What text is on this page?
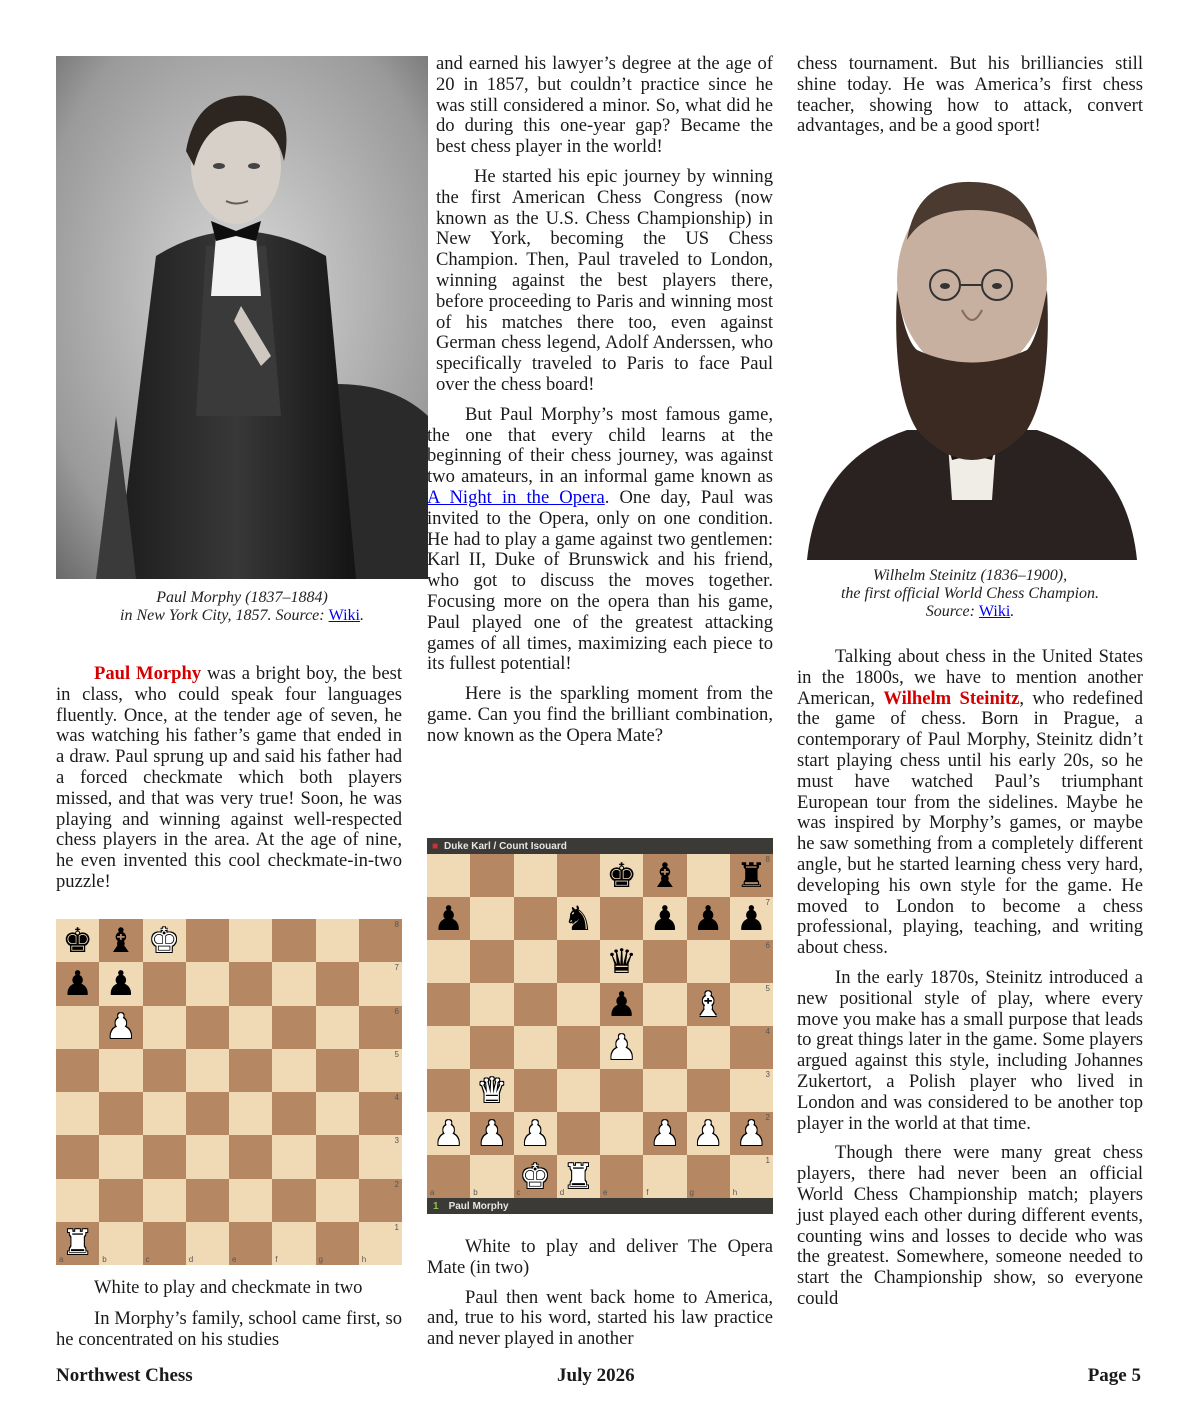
Paul Morphy (1837–1884)
in New York City, 1857. Source: Wiki.

Paul Morphy was a bright boy, the best in class, who could speak four languages fluently. Once, at the tender age of seven, he was watching his father’s game that ended in a draw. Paul sprung up and said his father had a forced checkmate which both players missed, and that was very true! Soon, he was playing and winning against well-respected chess players in the area. At the age of nine, he even invented this cool checkmate-in-two puzzle!

♚ ♝ ♚	8
♟ ♟	7
♟	6
5
4
3
2
♜
a	b	c	d	e	f	g
1
h

White to play and checkmate in two

In Morphy’s family, school came first, so he concentrated on his studies

and earned his lawyer’s degree at the age of 20 in 1857, but couldn’t practice since he was still considered a minor. So, what did he do during this one-year gap? Became the best chess player in the world!

He started his epic journey by winning the first American Chess Congress (now known as the U.S. Chess Championship) in New York, becoming the US Chess Champion. Then, Paul traveled to London, winning against the best players there, before proceeding to Paris and winning most of his matches there too, even against German chess legend, Adolf Anderssen, who specifically traveled to Paris to face Paul over the chess board!

But Paul Morphy’s most famous game, the one that every child learns at the beginning of their chess journey, was against two amateurs, in an informal game known as A Night in the Opera. One day, Paul was invited to the Opera, only on one condition. He had to play a game against two gentlemen: Karl II, Duke of Brunswick and his friend, who got to discuss the moves together. Focusing more on the opera than his game, Paul played one of the greatest attacking games of all times, maximizing each piece to its fullest potential!

Here is the sparkling moment from the game. Can you find the brilliant combination, now known as the Opera Mate?

■ Duke Karl / Count Isouard
♚ ♝ ♜
8
♟	♞ ♟ ♟ ♟
7
♛	6
♟ ♝	5
♟	4
♛	3
♟ ♟ ♟	♟ ♟ ♟
2
a	b ♚
c ♜
d	e	f	g
1
h
1 Paul Morphy

White to play and deliver The Opera Mate (in two)

Paul then went back home to America, and, true to his word, started his law practice and never played in another

chess tournament. But his brilliancies still shine today. He was America’s first chess teacher, showing how to attack, convert advantages, and be a good sport!

Wilhelm Steinitz (1836–1900),
the first official World Chess Champion.
Source: Wiki.

Talking about chess in the United States in the 1800s, we have to mention another American, Wilhelm Steinitz, who redefined the game of chess. Born in Prague, a contemporary of Paul Morphy, Steinitz didn’t start playing chess until his early 20s, so he must have watched Paul’s triumphant European tour from the sidelines. Maybe he was inspired by Morphy’s games, or maybe he saw something from a completely different angle, but he started learning chess very hard, developing his own style for the game. He moved to London to become a chess professional, playing, teaching, and writing about chess.

In the early 1870s, Steinitz introduced a new positional style of play, where every move you make has a small purpose that leads to great things later in the game. Some players argued against this style, including Johannes Zukertort, a Polish player who lived in London and was considered to be another top player in the world at that time.

Though there were many great chess players, there had never been an official World Chess Championship match; players just played each other during different events, counting wins and losses to decide who was the greatest. Somewhere, someone needed to start the Championship show, so everyone could

Northwest Chess	July 2026	Page 5
